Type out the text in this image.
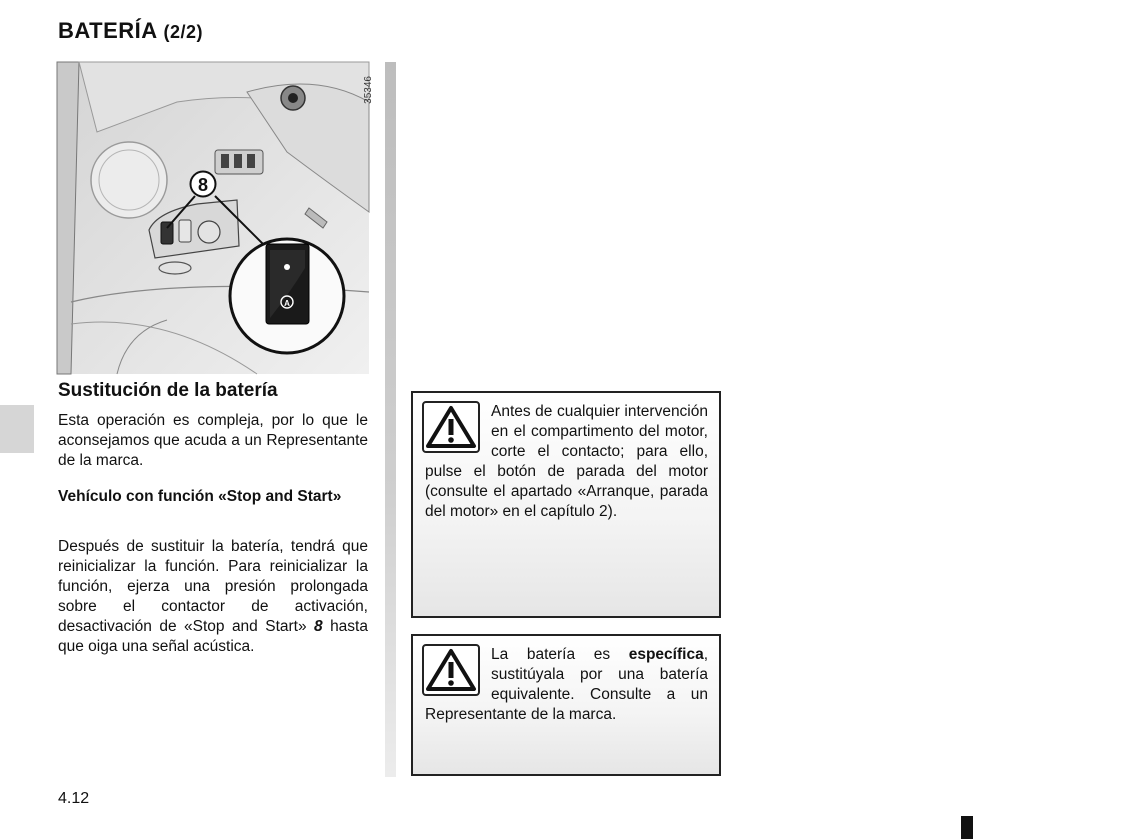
BATERÍA (2/2)
8
A
35346
Sustitución de la batería
Esta operación es compleja, por lo que le aconsejamos que acuda a un Representante de la marca.
Vehículo con función «Stop and Start»
Después de sustituir la batería, tendrá que reinicializar la función. Para reinicializar la función, ejerza una presión prolongada sobre el contactor de activación, desactivación de «Stop and Start» 8 hasta que oiga una señal acústica.
Antes de cualquier intervención en el compartimento del motor, corte el contacto; para ello, pulse el botón de parada del motor (consulte el apartado «Arranque, parada del motor» en el capítulo 2).
La batería es específica, sustitúyala por una batería equivalente. Consulte a un Representante de la marca.
4.12
